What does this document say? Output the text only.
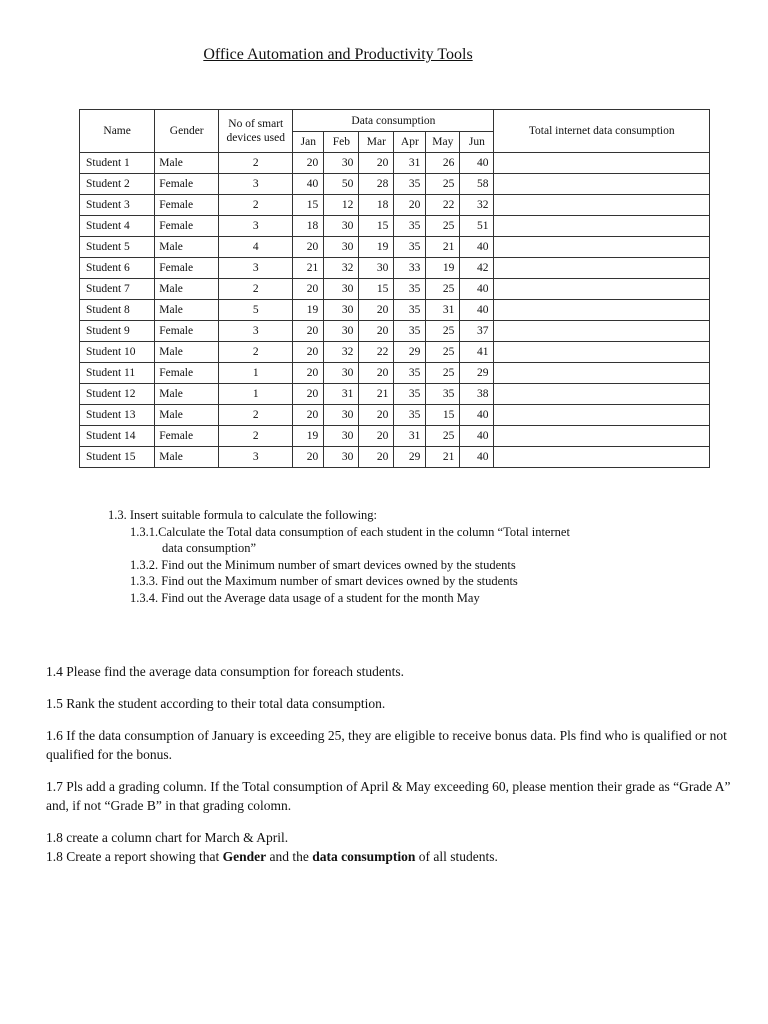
Office Automation and Productivity Tools
Name	Gender	No of smart devices used	Data consumption						Total internet data consumption
			Jan	Feb	Mar	Apr	May	Jun	
Student 1	Male	2	20	30	20	31	26	40	
Student 2	Female	3	40	50	28	35	25	58	
Student 3	Female	2	15	12	18	20	22	32	
Student 4	Female	3	18	30	15	35	25	51	
Student 5	Male	4	20	30	19	35	21	40	
Student 6	Female	3	21	32	30	33	19	42	
Student 7	Male	2	20	30	15	35	25	40	
Student 8	Male	5	19	30	20	35	31	40	
Student 9	Female	3	20	30	20	35	25	37	
Student 10	Male	2	20	32	22	29	25	41	
Student 11	Female	1	20	30	20	35	25	29	
Student 12	Male	1	20	31	21	35	35	38	
Student 13	Male	2	20	30	20	35	15	40	
Student 14	Female	2	19	30	20	31	25	40	
Student 15	Male	3	20	30	20	29	21	40	
1.3. Insert suitable formula to calculate the following:
1.3.1.Calculate the Total data consumption of each student in the column “Total internet
data consumption”
1.3.2. Find out the Minimum number of smart devices owned by the students
1.3.3. Find out the Maximum number of smart devices owned by the students
1.3.4. Find out the Average data usage of a student for the month May

1.4 Please find the average data consumption for foreach students.

1.5 Rank the student according to their total data consumption.

1.6 If the data consumption of January is exceeding 25, they are eligible to receive bonus data. Pls find who is qualified or not qualified for the bonus.

1.7 Pls add a grading column. If the Total consumption of April & May exceeding 60, please mention their grade as “Grade A” and, if not “Grade B” in that grading colomn.

1.8 create a column chart for March & April.

1.8 Create a report showing that Gender and the data consumption of all students.
